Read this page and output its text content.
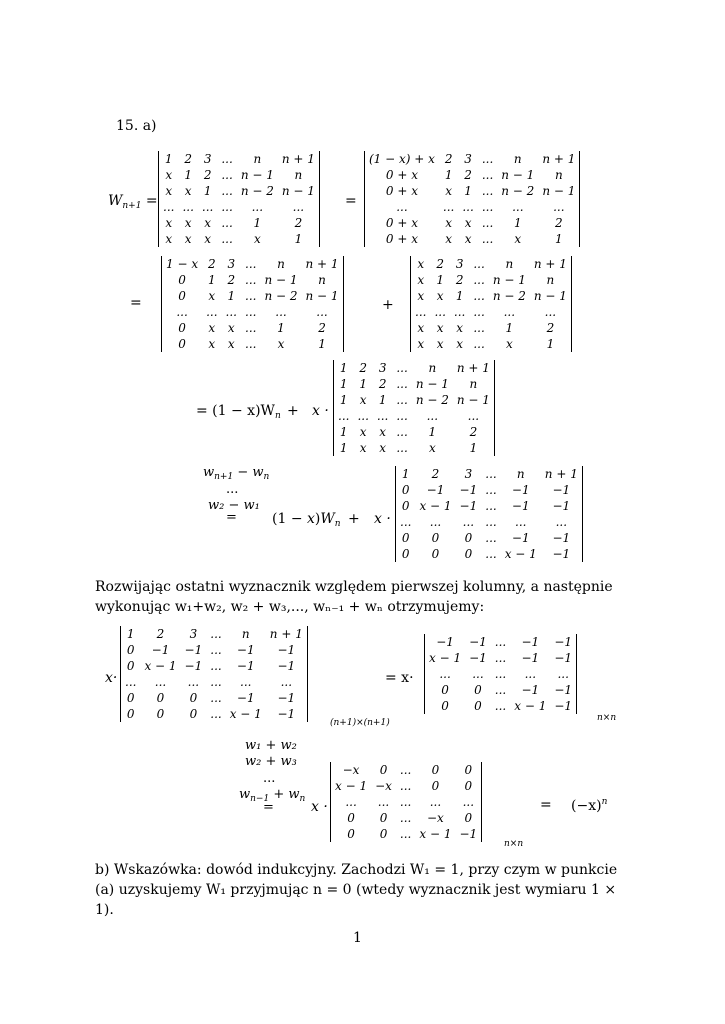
15. a)
$W_{n+1}$ =
1	2	3	...	n	n + 1
x	1	2	...	n − 1	n
x	x	1	...	n − 2	n − 1
...	...	...	...	...	...
x	x	x	...	1	2
x	x	x	...	x	1
=
(1 − x) + x	2	3	...	n	n + 1
0 + x	1	2	...	n − 1	n
0 + x	x	1	...	n − 2	n − 1
...	...	...	...	...	...
0 + x	x	x	...	1	2
0 + x	x	x	...	x	1
=
1 − x	2	3	...	n	n + 1
0	1	2	...	n − 1	n
0	x	1	...	n − 2	n − 1
...	...	...	...	...	...
0	x	x	...	1	2
0	x	x	...	x	1
+
x	2	3	...	n	n + 1
x	1	2	...	n − 1	n
x	x	1	...	n − 2	n − 1
...	...	...	...	...	...
x	x	x	...	1	2
x	x	x	...	x	1
= $(1 - x)W_n + x$ ·
1	2	3	...	n	n + 1
1	1	2	...	n − 1	n
1	x	1	...	n − 2	n − 1
...	...	...	...	...	...
1	x	x	...	1	2
1	x	x	...	x	1
$w_{n+1} - w_n$
...
w₂ − w₁
=	$(1 - x)W_n + x$ ·
1	2	3	...	n	n + 1
0	−1	−1	...	−1	−1
0	x − 1	−1	...	−1	−1
...	...	...	...	...	...
0	0	0	...	−1	−1
0	0	0	...	x − 1	−1
Rozwijając ostatni wyznacznik względem pierwszej kolumny, a następnie wykonując w₁+w₂, w₂ + w₃,..., wₙ₋₁ + wₙ otrzymujemy:
x·
1	2	3	...	n	n + 1
0	−1	−1	...	−1	−1
0	x − 1	−1	...	−1	−1
...	...	...	...	...	...
0	0	0	...	−1	−1
0	0	0	...	x − 1	−1
(n+1)×(n+1)
= x·
−1	−1	...	−1	−1
x − 1	−1	...	−1	−1
...	...	...	...	...
0	0	...	−1	−1
0	0	...	x − 1	−1
n×n
w₁ + w₂
w₂ + w₃
...
$w_{n-1} + w_n$
=	x ·
−x	0	...	0	0
x − 1	−x	...	0	0
...	...	...	...	...
0	0	...	−x	0
0	0	...	x − 1	−1
n×n
= $(-x)^n$
b) Wskazówka: dowód indukcyjny. Zachodzi W₁ = 1, przy czym w punkcie (a) uzyskujemy W₁ przyjmując n = 0 (wtedy wyznacznik jest wymiaru 1 × 1).
1
